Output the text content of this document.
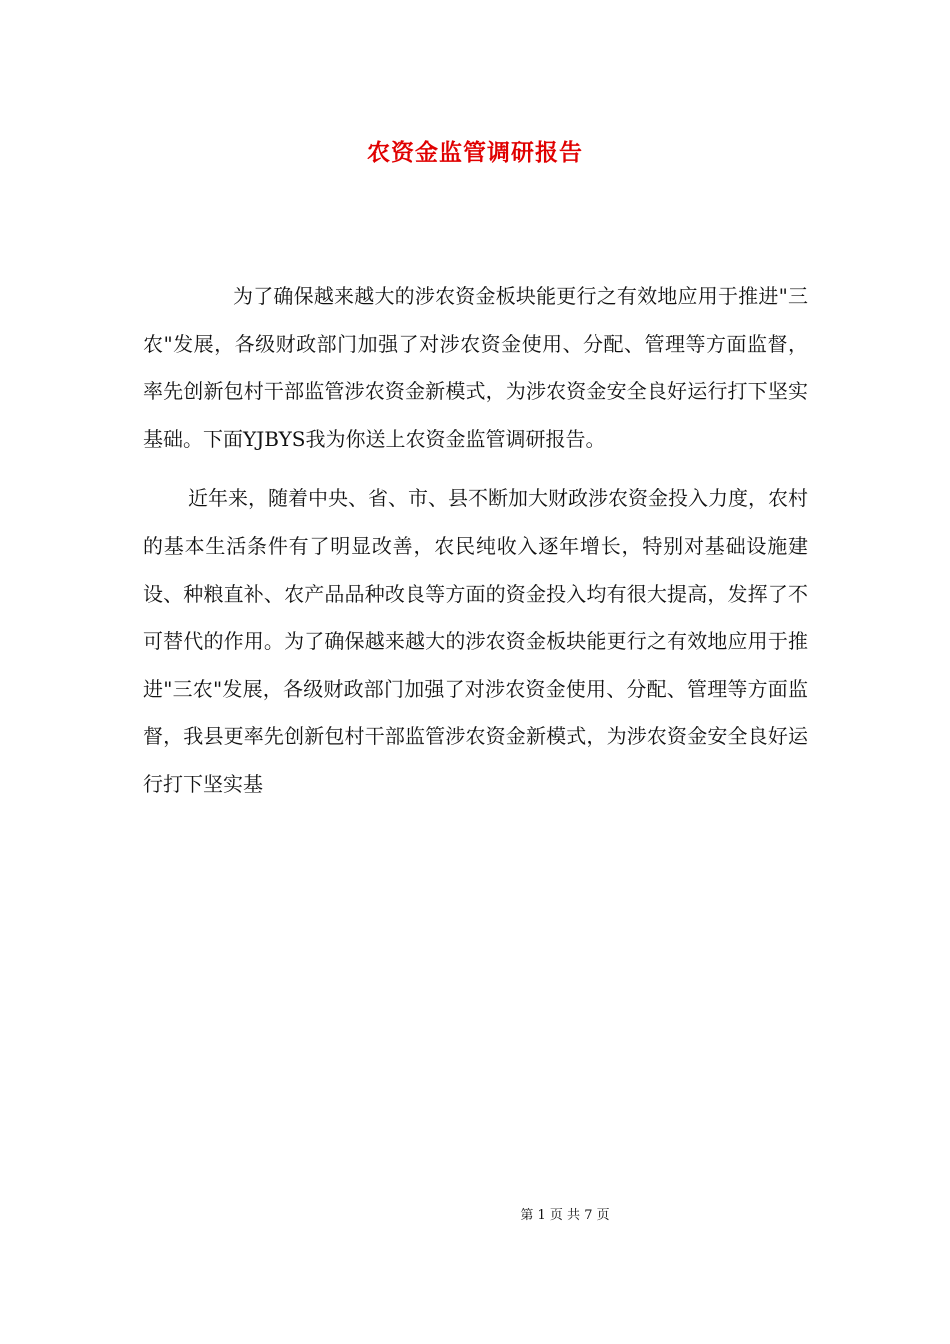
农资金监管调研报告

为了确保越来越大的涉农资金板块能更行之有效地应用于推进"三农"发展，各级财政部门加强了对涉农资金使用、分配、管理等方面监督，率先创新包村干部监管涉农资金新模式，为涉农资金安全良好运行打下坚实基础。下面YJBYS我为你送上农资金监管调研报告。

近年来，随着中央、省、市、县不断加大财政涉农资金投入力度，农村的基本生活条件有了明显改善，农民纯收入逐年增长，特别对基础设施建设、种粮直补、农产品品种改良等方面的资金投入均有很大提高，发挥了不可替代的作用。为了确保越来越大的涉农资金板块能更行之有效地应用于推进"三农"发展，各级财政部门加强了对涉农资金使用、分配、管理等方面监督，我县更率先创新包村干部监管涉农资金新模式，为涉农资金安全良好运行打下坚实基

第 1 页 共 7 页
